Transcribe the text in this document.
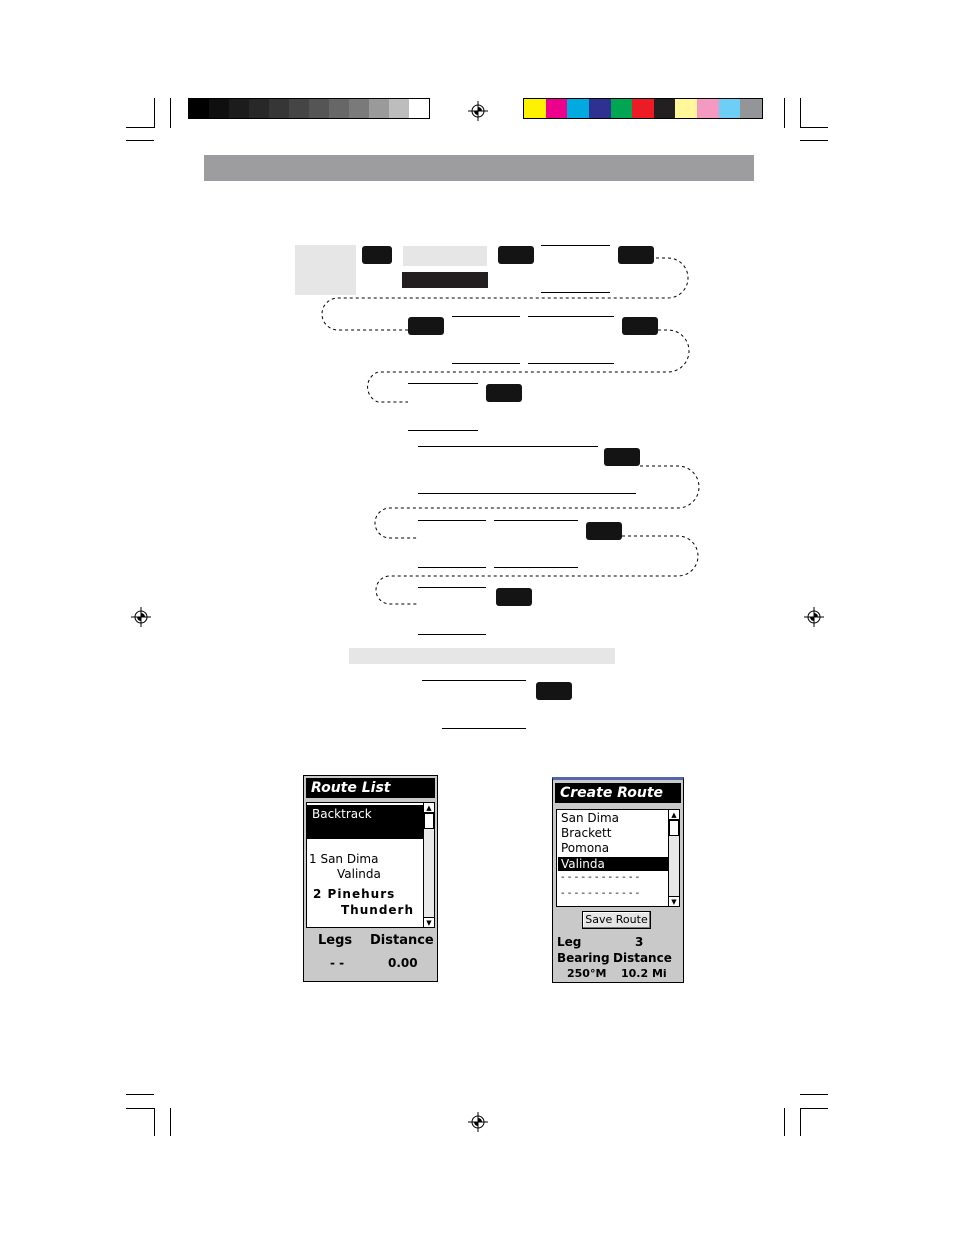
Route List
Backtrack
1 San Dima
Valinda
2 Pinehurs
Thunderh
▲
▼
Legs Distance
- -	0.00
Create Route
San Dima
Brackett
Pomona
Valinda
- - - - - - - - - - - -
- - - - - - - - - - - -
▲
▼
Save Route
Leg	3
Bearing Distance
250°M 10.2 Mi
